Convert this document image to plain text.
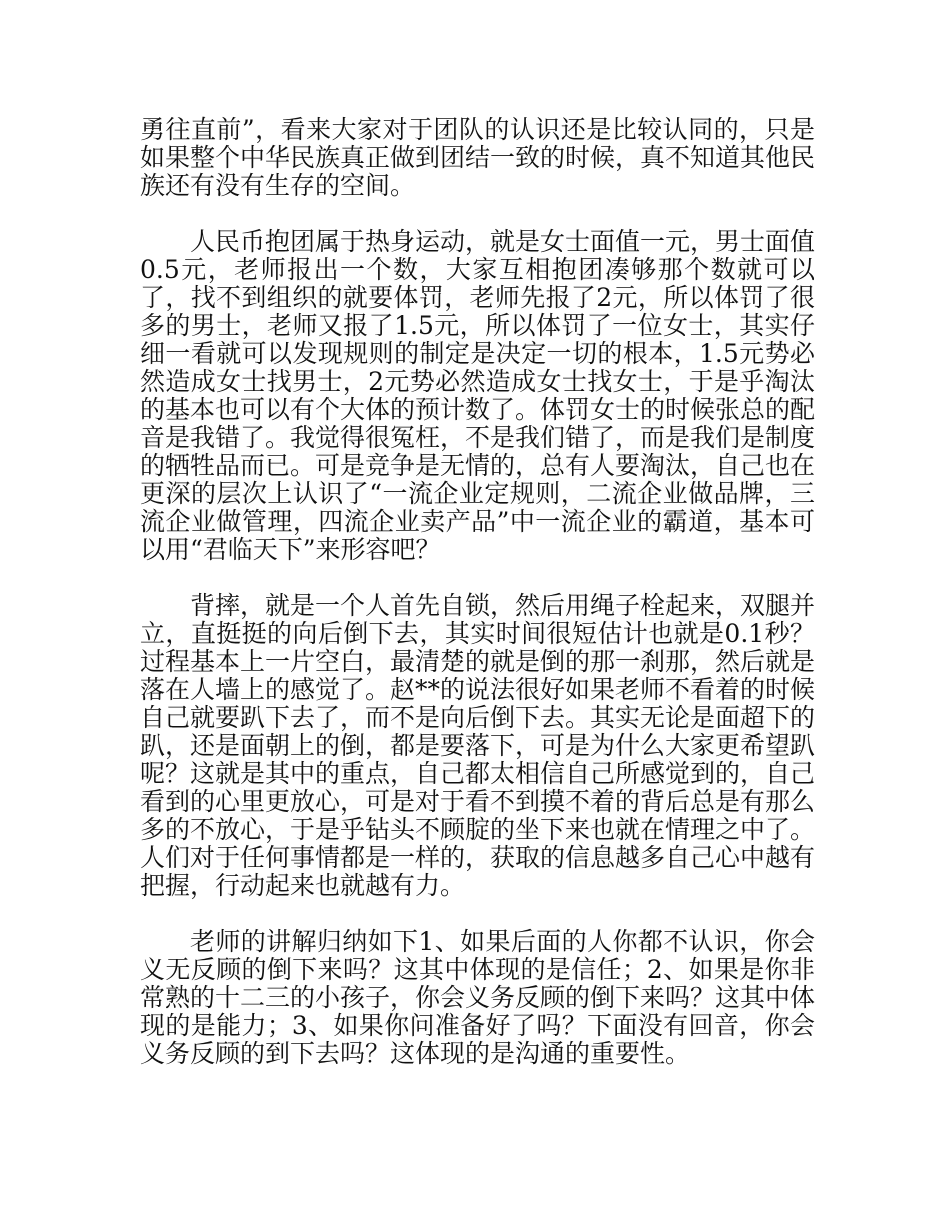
勇往直前”，看来大家对于团队的认识还是比较认同的，只是如果整个中华民族真正做到团结一致的时候，真不知道其他民族还有没有生存的空间。

人民币抱团属于热身运动，就是女士面值一元，男士面值0.5元，老师报出一个数，大家互相抱团凑够那个数就可以了，找不到组织的就要体罚，老师先报了2元，所以体罚了很多的男士，老师又报了1.5元，所以体罚了一位女士，其实仔细一看就可以发现规则的制定是决定一切的根本，1.5元势必然造成女士找男士，2元势必然造成女士找女士，于是乎淘汰的基本也可以有个大体的预计数了。体罚女士的时候张总的配音是我错了。我觉得很冤枉，不是我们错了，而是我们是制度的牺牲品而已。可是竞争是无情的，总有人要淘汰，自己也在更深的层次上认识了“一流企业定规则，二流企业做品牌，三流企业做管理，四流企业卖产品”中一流企业的霸道，基本可以用“君临天下”来形容吧？

背摔，就是一个人首先自锁，然后用绳子栓起来，双腿并立，直挺挺的向后倒下去，其实时间很短估计也就是0.1秒？过程基本上一片空白，最清楚的就是倒的那一刹那，然后就是落在人墙上的感觉了。赵**的说法很好如果老师不看着的时候自己就要趴下去了，而不是向后倒下去。其实无论是面超下的趴，还是面朝上的倒，都是要落下，可是为什么大家更希望趴呢？这就是其中的重点，自己都太相信自己所感觉到的，自己看到的心里更放心，可是对于看不到摸不着的背后总是有那么多的不放心，于是乎钻头不顾腚的坐下来也就在情理之中了。人们对于任何事情都是一样的，获取的信息越多自己心中越有把握，行动起来也就越有力。

老师的讲解归纳如下1、如果后面的人你都不认识，你会义无反顾的倒下来吗？这其中体现的是信任；2、如果是你非常熟的十二三的小孩子，你会义务反顾的倒下来吗？这其中体现的是能力；3、如果你问准备好了吗？下面没有回音，你会义务反顾的到下去吗？这体现的是沟通的重要性。
